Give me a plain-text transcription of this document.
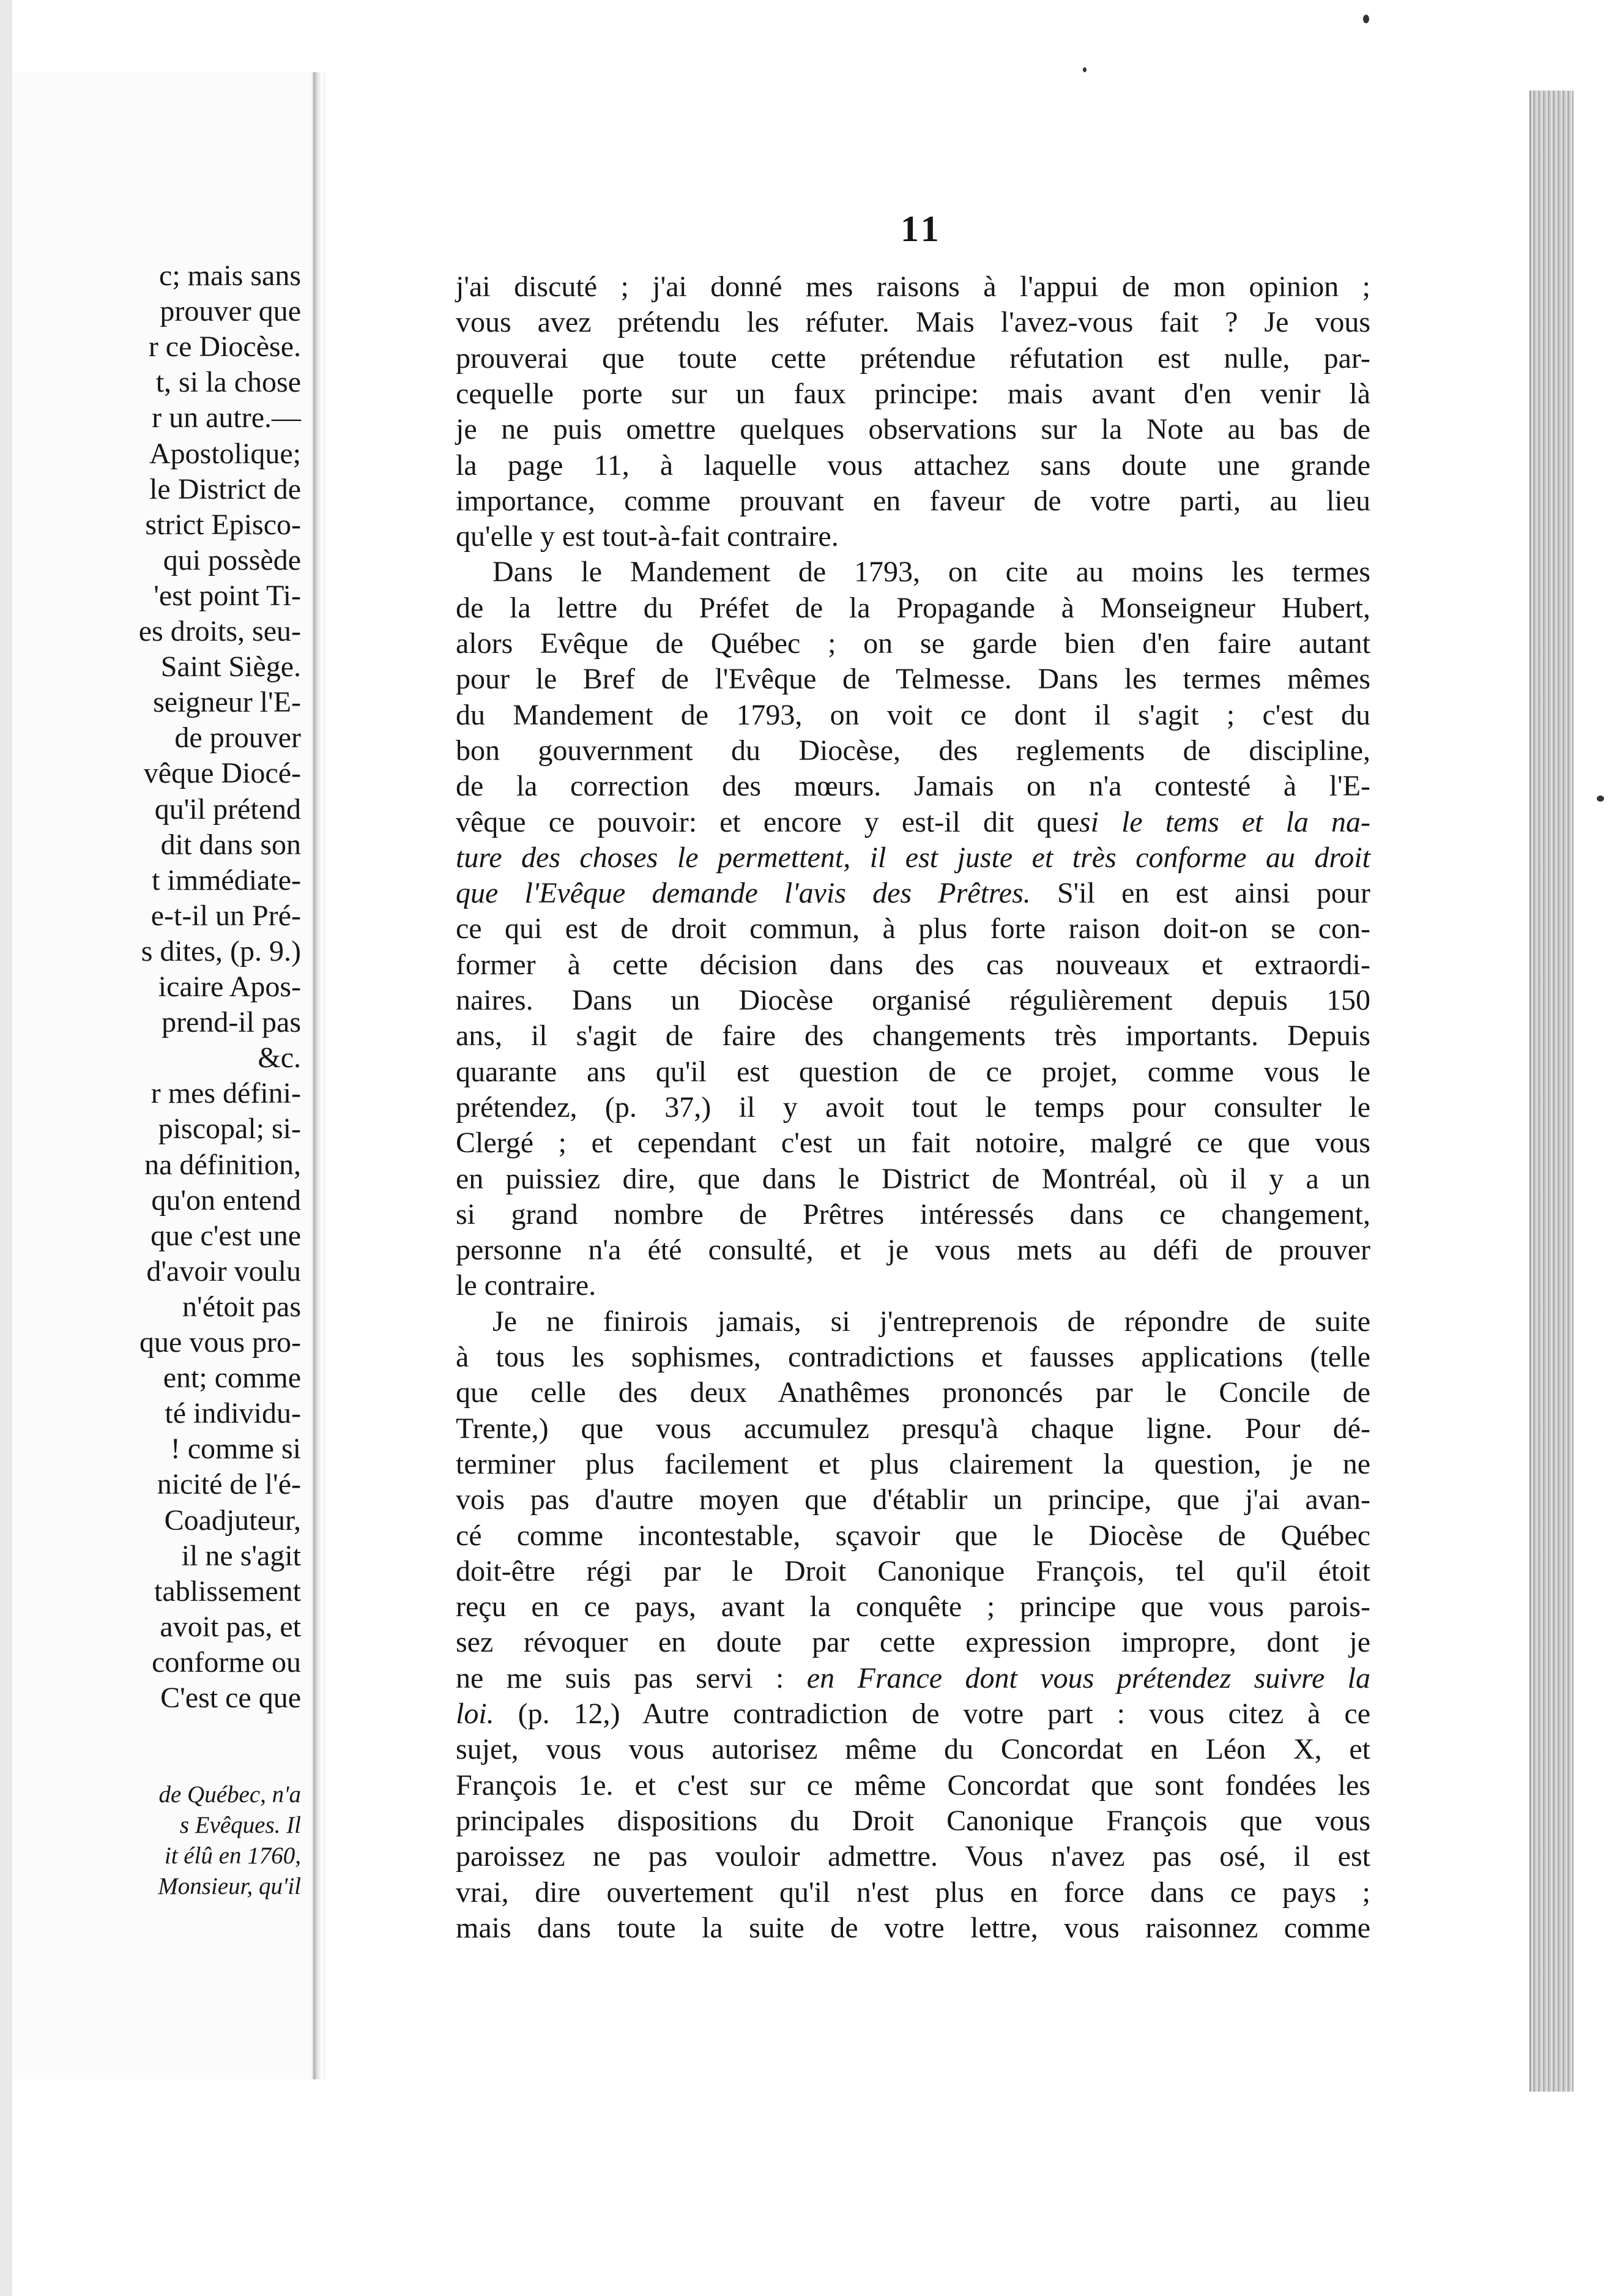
c; mais sans
prouver que
r ce Diocèse.
t, si la chose
r un autre.—
Apostolique;
le District de
strict Episco-
qui possède
'est point Ti-
es droits, seu-
Saint Siège.
seigneur l'E-
de prouver
vêque Diocé-
qu'il prétend
dit dans son
t immédiate-
e-t-il un Pré-
s dites, (p. 9.)
icaire Apos-
prend-il pas
&c.
r mes défini-
piscopal; si-
na définition,
qu'on entend
que c'est une
d'avoir voulu
n'étoit pas
que vous pro-
ent; comme
té individu-
! comme si
nicité de l'é-
Coadjuteur,
il ne s'agit
tablissement
avoit pas, et
conforme ou
C'est ce que
de Québec, n'a
s Evêques. Il
it élû en 1760,
Monsieur, qu'il
11
j'ai discuté ; j'ai donné mes raisons à l'appui de mon opinion ;
vous avez prétendu les réfuter. Mais l'avez-vous fait ? Je vous
prouverai que toute cette prétendue réfutation est nulle, par-
cequelle porte sur un faux principe: mais avant d'en venir là
je ne puis omettre quelques observations sur la Note au bas de
la page 11, à laquelle vous attachez sans doute une grande
importance, comme prouvant en faveur de votre parti, au lieu
qu'elle y est tout-à-fait contraire.
Dans le Mandement de 1793, on cite au moins les termes
de la lettre du Préfet de la Propagande à Monseigneur Hubert,
alors Evêque de Québec ; on se garde bien d'en faire autant
pour le Bref de l'Evêque de Telmesse. Dans les termes mêmes
du Mandement de 1793, on voit ce dont il s'agit ; c'est du
bon gouvernment du Diocèse, des reglements de discipline,
de la correction des mœurs. Jamais on n'a contesté à l'E-
vêque ce pouvoir: et encore y est-il dit quesi le tems et la na-
ture des choses le permettent, il est juste et très conforme au droit
que l'Evêque demande l'avis des Prêtres. S'il en est ainsi pour
ce qui est de droit commun, à plus forte raison doit-on se con-
former à cette décision dans des cas nouveaux et extraordi-
naires. Dans un Diocèse organisé régulièrement depuis 150
ans, il s'agit de faire des changements très importants. Depuis
quarante ans qu'il est question de ce projet, comme vous le
prétendez, (p. 37,) il y avoit tout le temps pour consulter le
Clergé ; et cependant c'est un fait notoire, malgré ce que vous
en puissiez dire, que dans le District de Montréal, où il y a un
si grand nombre de Prêtres intéressés dans ce changement,
personne n'a été consulté, et je vous mets au défi de prouver
le contraire.
Je ne finirois jamais, si j'entreprenois de répondre de suite
à tous les sophismes, contradictions et fausses applications (telle
que celle des deux Anathêmes prononcés par le Concile de
Trente,) que vous accumulez presqu'à chaque ligne. Pour dé-
terminer plus facilement et plus clairement la question, je ne
vois pas d'autre moyen que d'établir un principe, que j'ai avan-
cé comme incontestable, sçavoir que le Diocèse de Québec
doit-être régi par le Droit Canonique François, tel qu'il étoit
reçu en ce pays, avant la conquête ; principe que vous parois-
sez révoquer en doute par cette expression impropre, dont je
ne me suis pas servi : en France dont vous prétendez suivre la
loi. (p. 12,) Autre contradiction de votre part : vous citez à ce
sujet, vous vous autorisez même du Concordat en Léon X, et
François 1e. et c'est sur ce même Concordat que sont fondées les
principales dispositions du Droit Canonique François que vous
paroissez ne pas vouloir admettre. Vous n'avez pas osé, il est
vrai, dire ouvertement qu'il n'est plus en force dans ce pays ;
mais dans toute la suite de votre lettre, vous raisonnez comme
